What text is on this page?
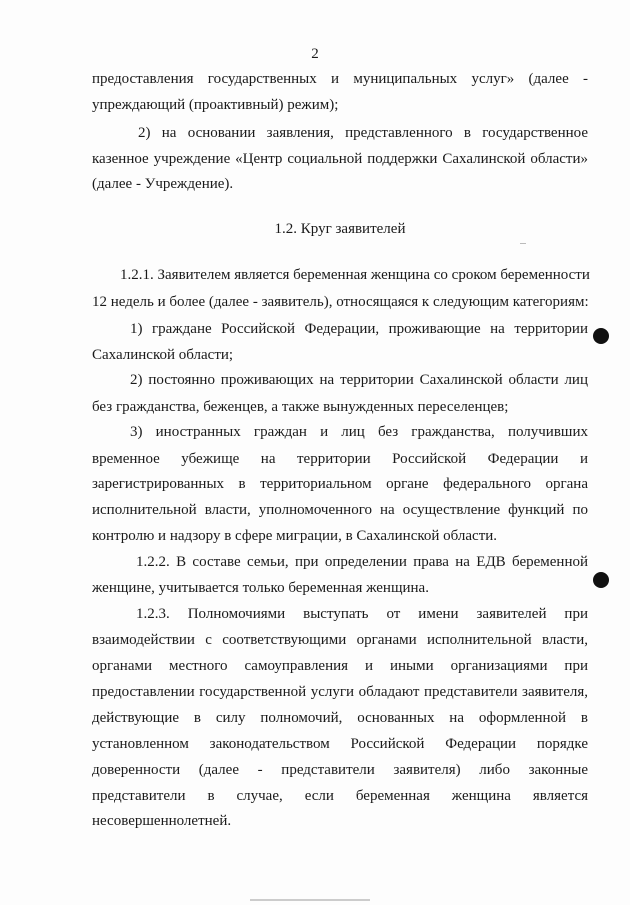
2
предоставления государственных и муниципальных услуг» (далее -
упреждающий (проактивный) режим);
2) на основании заявления, представленного в государственное
казенное учреждение «Центр социальной поддержки Сахалинской области»
(далее - Учреждение).
1.2. Круг заявителей
1.2.1. Заявителем является беременная женщина со сроком беременности
12 недель и более (далее - заявитель), относящаяся к следующим категориям:
1) граждане Российской Федерации, проживающие на территории
Сахалинской области;
2) постоянно проживающих на территории Сахалинской области лиц
без гражданства, беженцев, а также вынужденных переселенцев;
3) иностранных граждан и лиц без гражданства, получивших
временное убежище на территории Российской Федерации и
зарегистрированных в территориальном органе федерального органа
исполнительной власти, уполномоченного на осуществление функций по
контролю и надзору в сфере миграции, в Сахалинской области.
1.2.2. В составе семьи, при определении права на ЕДВ беременной
женщине, учитывается только беременная женщина.
1.2.3. Полномочиями выступать от имени заявителей при
взаимодействии с соответствующими органами исполнительной власти,
органами местного самоуправления и иными организациями при
предоставлении государственной услуги обладают представители заявителя,
действующие в силу полномочий, основанных на оформленной в
установленном законодательством Российской Федерации порядке
доверенности (далее - представители заявителя) либо законные
представители в случае, если беременная женщина является
несовершеннолетней.
